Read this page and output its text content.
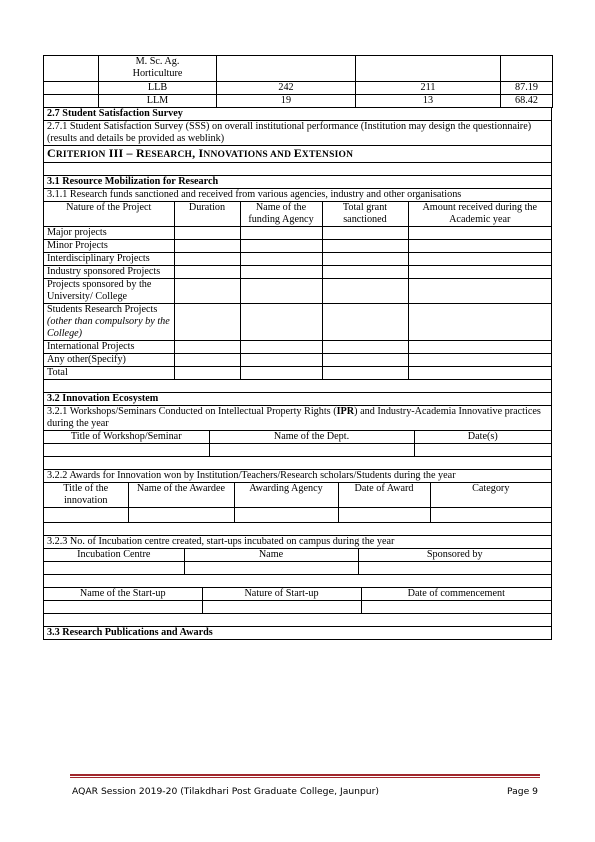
	M. Sc. Ag.
Horticulture			
	LLB	242	211	87.19
	LLM	19	13	68.42
2.7 Student Satisfaction Survey
2.7.1 Student Satisfaction Survey (SSS) on overall institutional performance (Institution may design the questionnaire) (results and details be provided as weblink)
CRITERION III – RESEARCH, INNOVATIONS AND EXTENSION

3.1 Resource Mobilization for Research
3.1.1 Research funds sanctioned and received from various agencies, industry and other organisations

Nature of the Project	Duration	Name of the funding Agency	Total grant sanctioned	Amount received during the Academic year
Major projects				
Minor Projects				
Interdisciplinary Projects				
Industry sponsored Projects				
Projects sponsored by the University/ College				
Students Research Projects
(other than compulsory by the College)				
International Projects				
Any other(Specify)				
Total				

3.2 Innovation Ecosystem
3.2.1 Workshops/Seminars Conducted on Intellectual Property Rights (IPR) and Industry-Academia Innovative practices during the year

Title of Workshop/Seminar	Name of the Dept.	Date(s)

3.2.2 Awards for Innovation won by Institution/Teachers/Research scholars/Students during the year

Title of the innovation	Name of the Awardee	Awarding Agency	Date of Award	Category

3.2.3 No. of Incubation centre created, start-ups incubated on campus during the year

Incubation Centre	Name	Sponsored by

Name of the Start-up	Nature of Start-up	Date of commencement

3.3 Research Publications and Awards
AQAR Session 2019-20 (Tilakdhari Post Graduate College, Jaunpur)	Page 9
